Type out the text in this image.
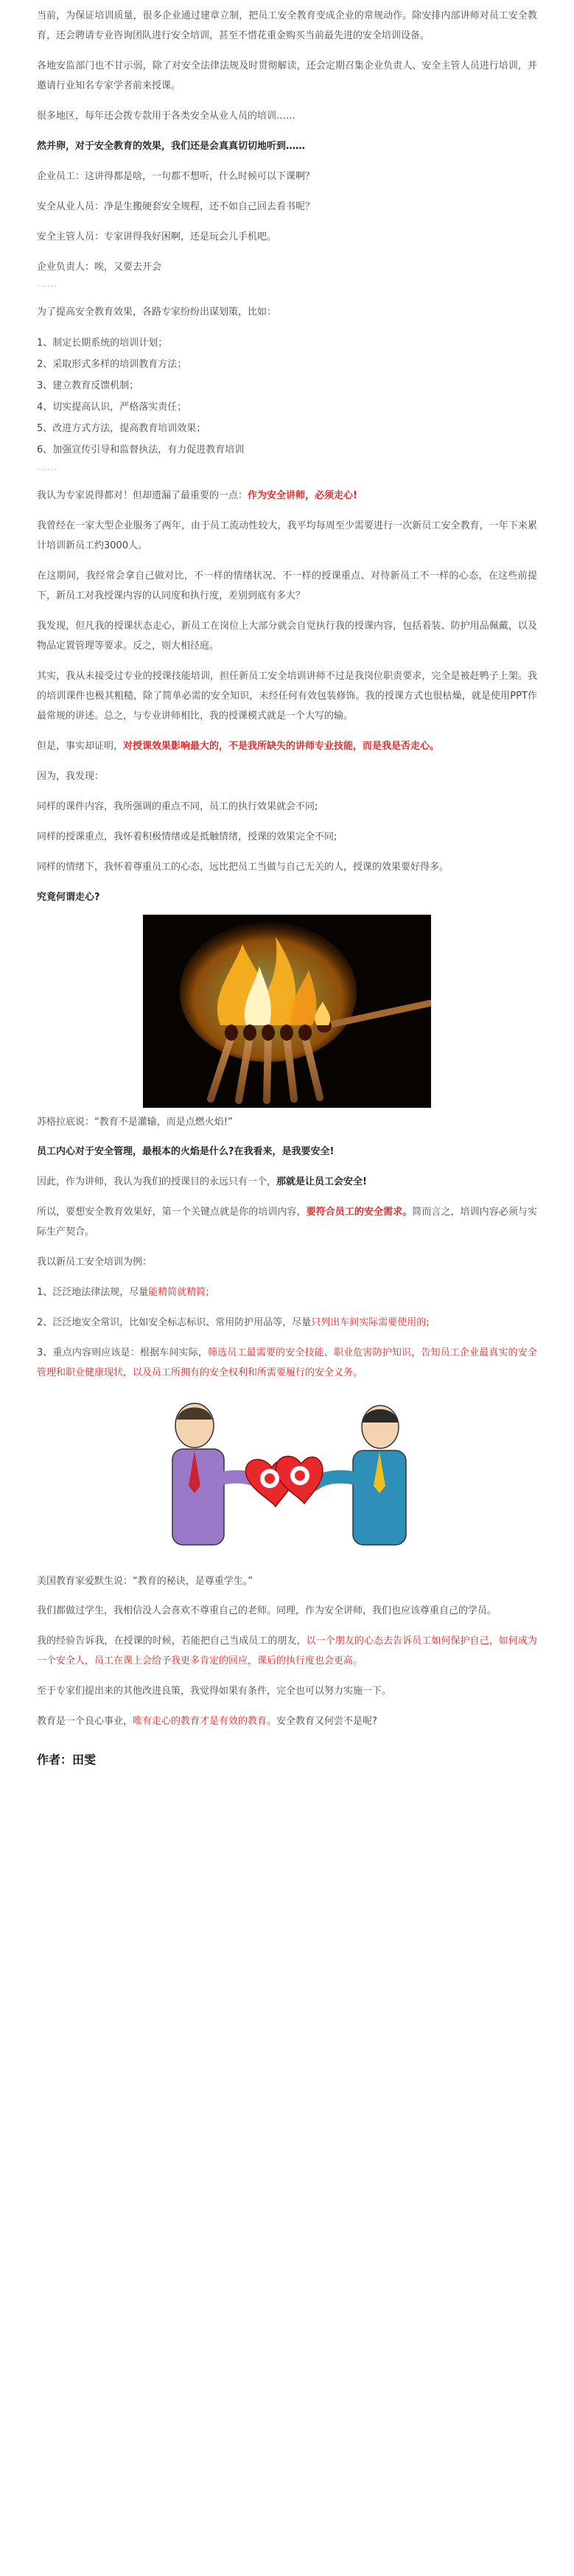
当前，为保证培训质量，很多企业通过建章立制，把员工安全教育变成企业的常规动作。除安排内部讲师对员工安全教育，还会聘请专业咨询团队进行安全培训，甚至不惜花重金购买当前最先进的安全培训设备。

各地安监部门也不甘示弱，除了对安全法律法规及时贯彻解读，还会定期召集企业负责人、安全主管人员进行培训，并邀请行业知名专家学者前来授课。

很多地区，每年还会拨专款用于各类安全从业人员的培训……

然并卵，对于安全教育的效果，我们还是会真真切切地听到……

企业员工：这讲得都是啥，一句都不想听，什么时候可以下课啊？

安全从业人员：净是生搬硬套安全规程，还不如自己回去看书呢？

安全主管人员：专家讲得我好困啊，还是玩会儿手机吧。

企业负责人：唉，又要去开会

……

为了提高安全教育效果，各路专家纷纷出谋划策，比如：

1、制定长期系统的培训计划；

2、采取形式多样的培训教育方法；

3、建立教育反馈机制；

4、切实提高认识，严格落实责任；

5、改进方式方法，提高教育培训效果；

6、加强宣传引导和监督执法，有力促进教育培训

……

我认为专家说得都对！但却遗漏了最重要的一点：作为安全讲师，必须走心!

我曾经在一家大型企业服务了两年，由于员工流动性较大，我平均每周至少需要进行一次新员工安全教育，一年下来累计培训新员工约3000人。

在这期间，我经常会拿自己做对比，不一样的情绪状况、不一样的授课重点、对待新员工不一样的心态，在这些前提下，新员工对我授课内容的认同度和执行度，差别到底有多大？

我发现，但凡我的授课状态走心，新员工在岗位上大部分就会自觉执行我的授课内容，包括着装、防护用品佩戴，以及物品定置管理等要求。反之，则大相径庭。

其实，我从未接受过专业的授课技能培训，担任新员工安全培训讲师不过是我岗位职责要求，完全是被赶鸭子上架。我的培训课件也极其粗糙，除了简单必需的安全知识，未经任何有效包装修饰。我的授课方式也很枯燥，就是使用PPT作最常规的讲述。总之，与专业讲师相比，我的授课模式就是一个大写的输。

但是，事实却证明，对授课效果影响最大的，不是我所缺失的讲师专业技能，而是我是否走心。

因为，我发现：

同样的课件内容，我所强调的重点不同，员工的执行效果就会不同;

同样的授课重点，我怀着积极情绪或是抵触情绪，授课的效果完全不同;

同样的情绪下，我怀着尊重员工的心态，远比把员工当做与自己无关的人，授课的效果要好得多。

究竟何谓走心?

苏格拉底说：“教育不是灌输，而是点燃火焰!”

员工内心对于安全管理，最根本的火焰是什么?在我看来，是我要安全!

因此，作为讲师，我认为我们的授课目的永远只有一个，那就是让员工会安全!

所以，要想安全教育效果好，第一个关键点就是你的培训内容，要符合员工的安全需求。简而言之，培训内容必须与实际生产契合。

我以新员工安全培训为例：

1、泛泛地法律法规，尽量能精简就精简;

2、泛泛地安全常识，比如安全标志标识、常用防护用品等，尽量只列出车间实际需要使用的;

3、重点内容则应该是：根据车间实际，筛选员工最需要的安全技能、职业危害防护知识，告知员工企业最真实的安全管理和职业健康现状，以及员工所拥有的安全权利和所需要履行的安全义务。

美国教育家爱默生说：“教育的秘诀，是尊重学生。”

我们都做过学生，我相信没人会喜欢不尊重自己的老师。同理，作为安全讲师，我们也应该尊重自己的学员。

我的经验告诉我，在授课的时候，若能把自己当成员工的朋友，以一个朋友的心态去告诉员工如何保护自己，如何成为一个安全人，员工在课上会给予我更多肯定的回应，课后的执行度也会更高。

至于专家们提出来的其他改进良策，我觉得如果有条件，完全也可以努力实施一下。

教育是一个良心事业，唯有走心的教育才是有效的教育。安全教育又何尝不是呢?

作者：田雯
